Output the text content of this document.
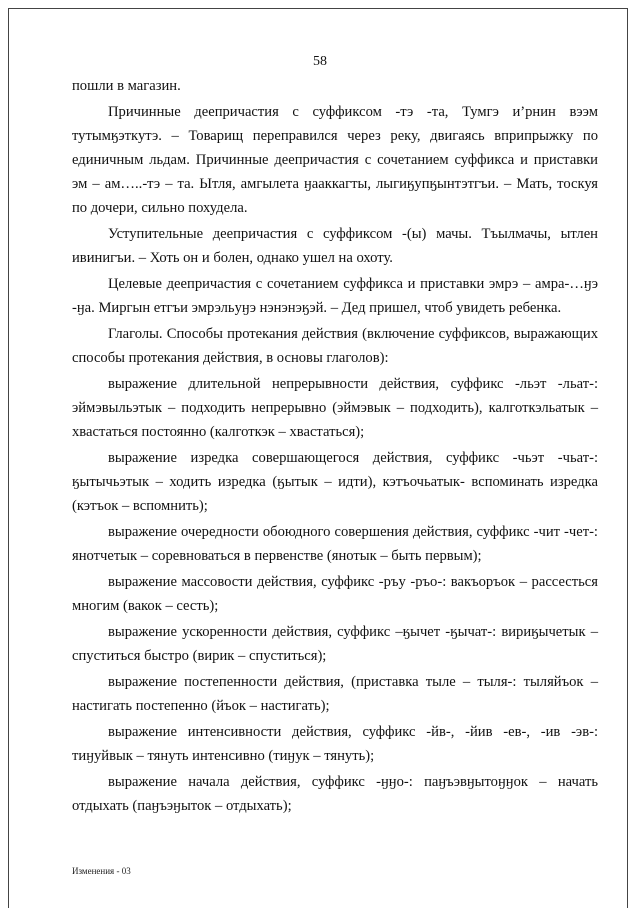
58

пошли в магазин.

Причинные деепричастия с суффиксом -тэ -та, Тумгэ и’рнин вээм тутымӄэткутэ. – Товарищ переправился через реку, двигаясь вприпрыжку по единичным льдам. Причинные деепричастия с сочетанием суффикса и приставки эм – ам…..-тэ – та. Ытля, амгылета ӈааккагты, лыгиӄупӄынтэтгъи. – Мать, тоскуя по дочери, сильно похудела.

Уступительные деепричастия с суффиксом -(ы) мачы. Тъылмачы, ытлен ивинигъи. – Хоть он и болен, однако ушел на охоту.

Целевые деепричастия с сочетанием суффикса и приставки эмрэ – амра-…ӈэ -ӈа. Миргын етгъи эмрэльуӈэ нэнэнэӄэй. – Дед пришел, чтоб увидеть ребенка.

Глаголы. Способы протекания действия (включение суффиксов, выражающих способы протекания действия, в основы глаголов):

выражение длительной непрерывности действия, суффикс -льэт -льат-: эймэвыльэтык – подходить непрерывно (эймэвык – подходить), калготкэльатык – хвастаться постоянно (калготкэк – хвастаться);

выражение изредка совершающегося действия, суффикс -чьэт -чьат-: ӄытычьэтык – ходить изредка (ӄытык – идти), кэтъочьатык- вспоминать изредка (кэтъок – вспомнить);

выражение очередности обоюдного совершения действия, суффикс -чит -чет-: янотчетык – соревноваться в первенстве (янотык – быть первым);

выражение массовости действия, суффикс -ръу -ръо-: вакъоръок – рассесться многим (вакок – сесть);

выражение ускоренности действия, суффикс –ӄычет -ӄычат-: вириӄычетык – спуститься быстро (вирик – спуститься);

выражение постепенности действия, (приставка тыле – тыля-: тыляйъок – настигать постепенно (йъок – настигать);

выражение интенсивности действия, суффикс -йв-, -йив -ев-, -ив -эв-: тиӈуйвык – тянуть интенсивно (тиӈук – тянуть);

выражение начала действия, суффикс -ӈӈо-: паӈъэвӈытоӈӈок – начать отдыхать (паӈъэӈыток – отдыхать);

Изменения - 03
